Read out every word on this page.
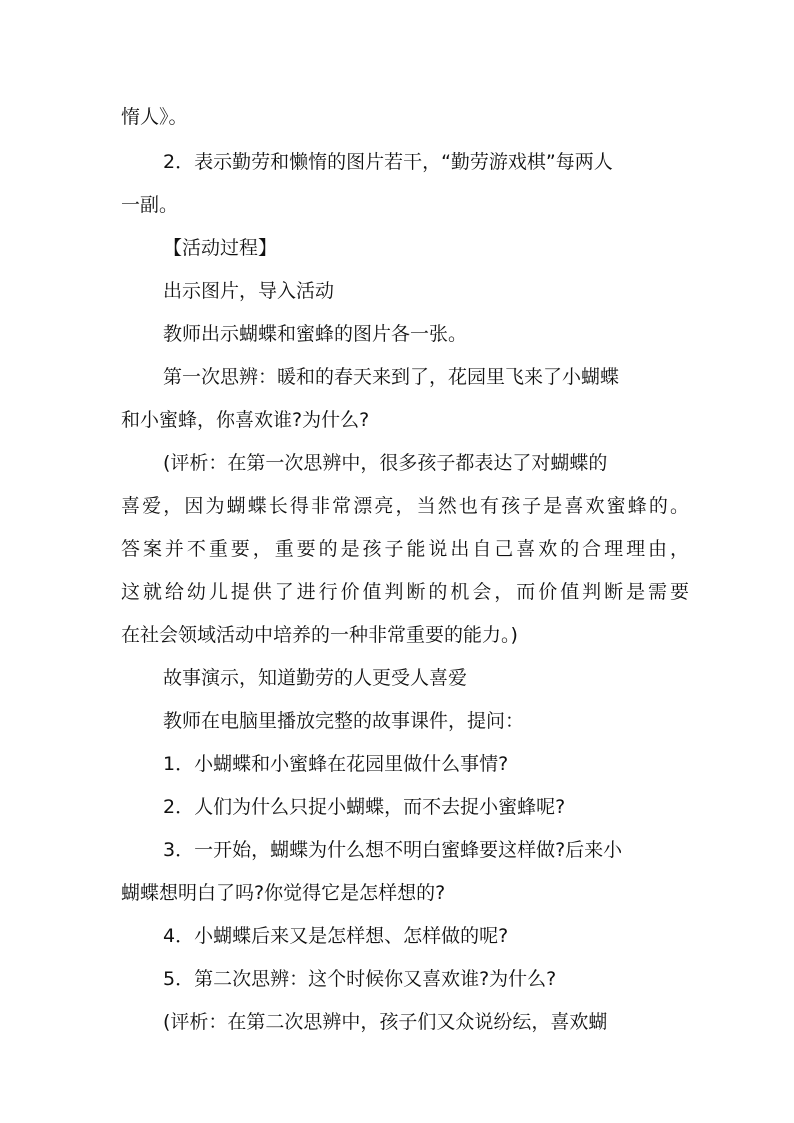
惰人》。
2．表示勤劳和懒惰的图片若干，“勤劳游戏棋”每两人
一副。
【活动过程】
出示图片，导入活动
教师出示蝴蝶和蜜蜂的图片各一张。
第一次思辨：暖和的春天来到了，花园里飞来了小蝴蝶
和小蜜蜂，你喜欢谁?为什么?
(评析：在第一次思辨中，很多孩子都表达了对蝴蝶的
喜爱，因为蝴蝶长得非常漂亮，当然也有孩子是喜欢蜜蜂的。
答案并不重要，重要的是孩子能说出自己喜欢的合理理由，
这就给幼儿提供了进行价值判断的机会，而价值判断是需要
在社会领域活动中培养的一种非常重要的能力。)
故事演示，知道勤劳的人更受人喜爱
教师在电脑里播放完整的故事课件，提问：
1．小蝴蝶和小蜜蜂在花园里做什么事情?
2．人们为什么只捉小蝴蝶，而不去捉小蜜蜂呢?
3．一开始，蝴蝶为什么想不明白蜜蜂要这样做?后来小
蝴蝶想明白了吗?你觉得它是怎样想的?
4．小蝴蝶后来又是怎样想、怎样做的呢?
5．第二次思辨：这个时候你又喜欢谁?为什么?
(评析：在第二次思辨中，孩子们又众说纷纭，喜欢蝴
